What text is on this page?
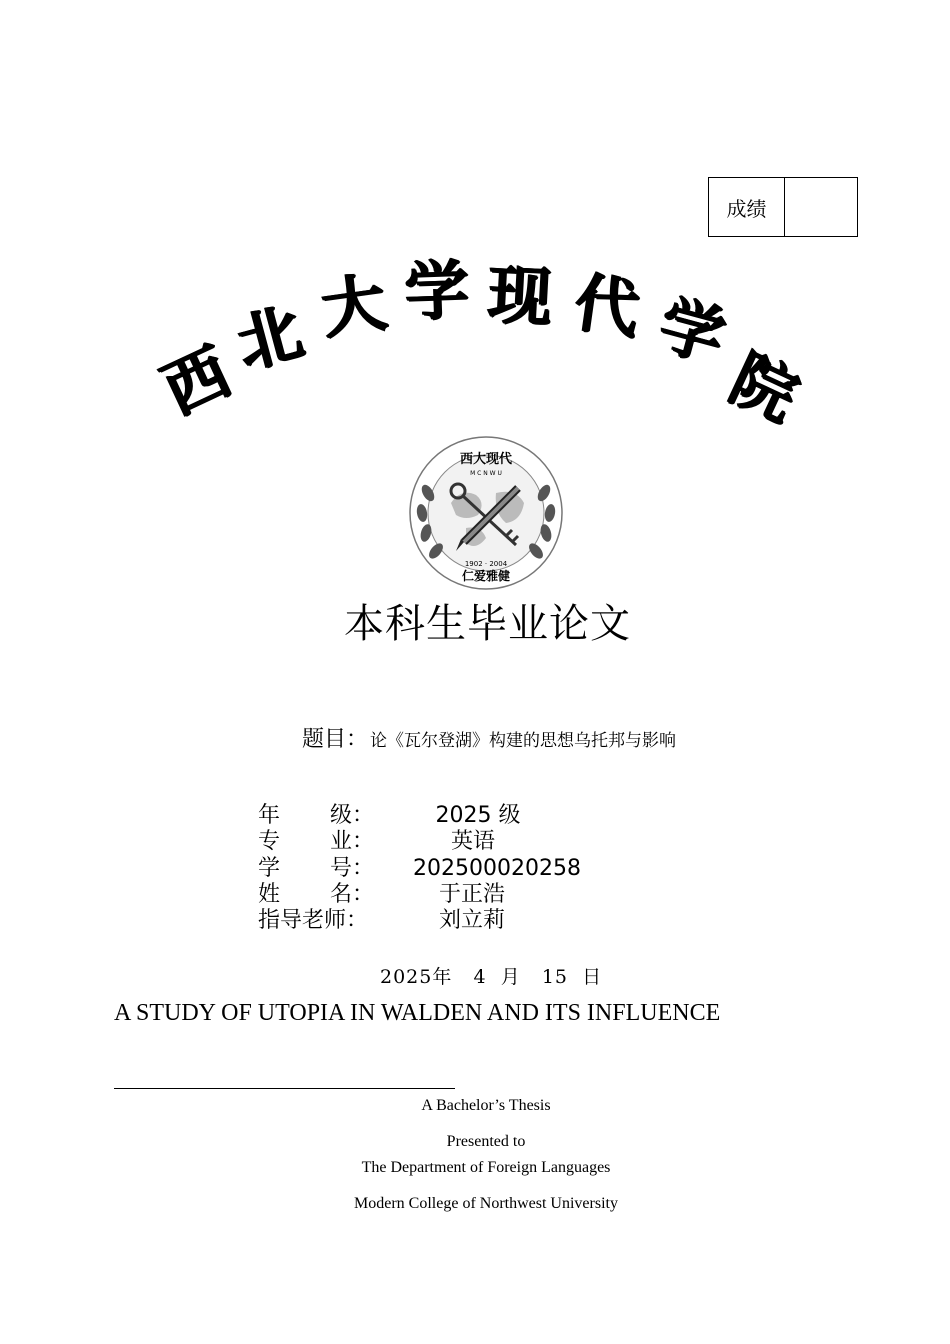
成绩
西
北 大 学 现 代 学
院
西大现代
M C N W U
1902 · 2004
仁爱雅健
本科生毕业论文
题目： 论《瓦尔登湖》构建的思想乌托邦与影响
年 级：	2025 级
专 业：	英语
学 号：	202500020258
姓 名：	于正浩
指导老师：	刘立莉
2025年 4 月 15 日
A STUDY OF UTOPIA IN WALDEN AND ITS INFLUENCE
A Bachelor’s Thesis
Presented to
The Department of Foreign Languages
Modern College of Northwest University
